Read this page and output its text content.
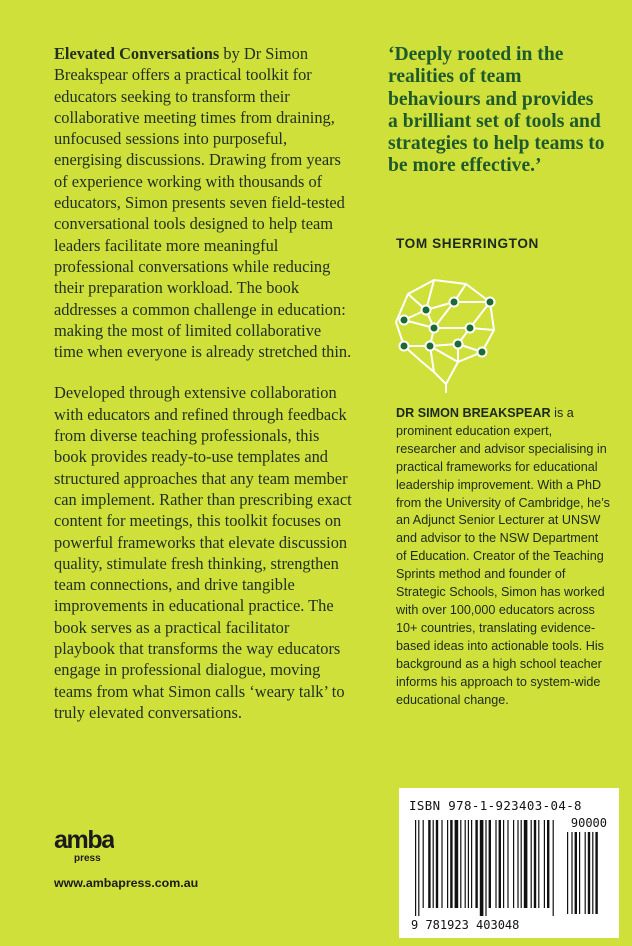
Elevated Conversations by Dr Simon Breakspear offers a practical toolkit for educators seeking to transform their collaborative meeting times from draining, unfocused sessions into purposeful, energising discussions. Drawing from years of experience working with thousands of educators, Simon presents seven field-tested conversational tools designed to help team leaders facilitate more meaningful professional conversations while reducing their preparation workload. The book addresses a common challenge in education: making the most of limited collaborative time when everyone is already stretched thin.

Developed through extensive collaboration with educators and refined through feedback from diverse teaching professionals, this book provides ready-to-use templates and structured approaches that any team member can implement. Rather than prescribing exact content for meetings, this toolkit focuses on powerful frameworks that elevate discussion quality, stimulate fresh thinking, strengthen team connections, and drive tangible improvements in educational practice. The book serves as a practical facilitator playbook that transforms the way educators engage in professional dialogue, moving teams from what Simon calls ‘weary talk’ to truly elevated conversations.

‘Deeply rooted in the realities of team behaviours and provides a brilliant set of tools and strategies to help teams to be more effective.’
TOM SHERRINGTON
DR SIMON BREAKSPEAR is a prominent education expert, researcher and advisor specialising in practical frameworks for educational leadership improvement. With a PhD from the University of Cambridge, he’s an Adjunct Senior Lecturer at UNSW and advisor to the NSW Department of Education. Creator of the Teaching Sprints method and founder of Strategic Schools, Simon has worked with over 100,000 educators across 10+ countries, translating evidence-based ideas into actionable tools. His background as a high school teacher informs his approach to system-wide educational change.
ISBN 978-1-923403-04-8
90000
9 781923 403048
amba
press
www.ambapress.com.au
